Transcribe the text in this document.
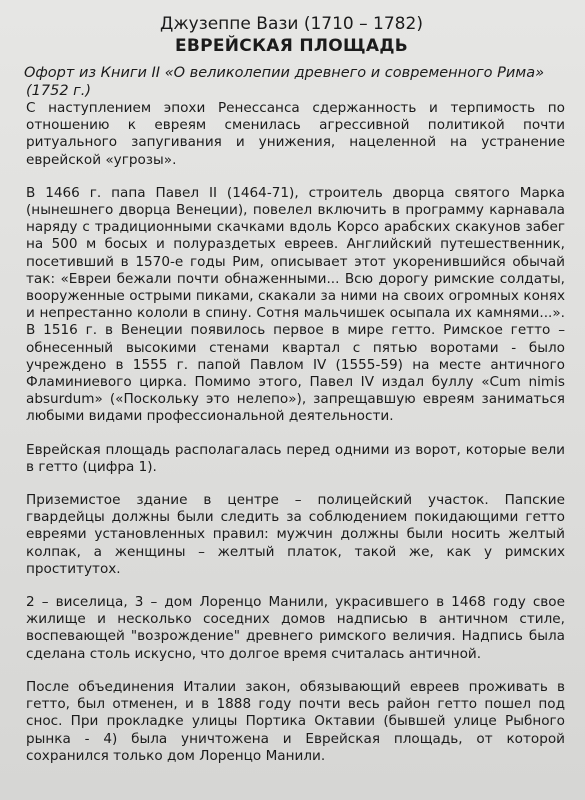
Джузеппе Вази (1710 – 1782)

ЕВРЕЙСКАЯ ПЛОЩАДЬ

Офорт из Книги II «О великолепии древнего и современного Рима»

(1752 г.)

С наступлением эпохи Ренессанса сдержанность и терпимость по отношению к евреям сменилась агрессивной политикой почти ритуального запугивания и унижения, нацеленной на устранение еврейской «угрозы».

В 1466 г. папа Павел II (1464-71), строитель дворца святого Марка (нынешнего дворца Венеции), повелел включить в программу карнавала наряду с традиционными скачками вдоль Корсо арабских скакунов забег на 500 м босых и полураздетых евреев. Английский путешественник, посетивший в 1570-е годы Рим, описывает этот укоренившийся обычай так: «Евреи бежали почти обнаженными... Всю дорогу римские солдаты, вооруженные острыми пиками, скакали за ними на своих огромных конях и непрестанно кололи в спину. Сотня мальчишек осыпала их камнями...». В 1516 г. в Венеции появилось первое в мире гетто. Римское гетто – обнесенный высокими стенами квартал с пятью воротами - было учреждено в 1555 г. папой Павлом IV (1555-59) на месте античного Фламиниевого цирка. Помимо этого, Павел IV издал буллу «Cum nimis absurdum» («Поскольку это нелепо»), запрещавшую евреям заниматься любыми видами профессиональной деятельности.

Еврейская площадь располагалась перед одними из ворот, которые вели в гетто (цифра 1).

Приземистое здание в центре – полицейский участок. Папские гвардейцы должны были следить за соблюдением покидающими гетто евреями установленных правил: мужчин должны были носить желтый колпак, а женщины – желтый платок, такой же, как у римских проститутох.

2 – виселица, 3 – дом Лоренцо Манили, украсившего в 1468 году свое жилище и несколько соседних домов надписью в античном стиле, воспевающей "возрождение" древнего римского величия. Надпись была сделана столь искусно, что долгое время считалась античной.

После объединения Италии закон, обязывающий евреев проживать в гетто, был отменен, и в 1888 году почти весь район гетто пошел под снос. При прокладке улицы Портика Октавии (бывшей улице Рыбного рынка - 4) была уничтожена и Еврейская площадь, от которой сохранился только дом Лоренцо Манили.
